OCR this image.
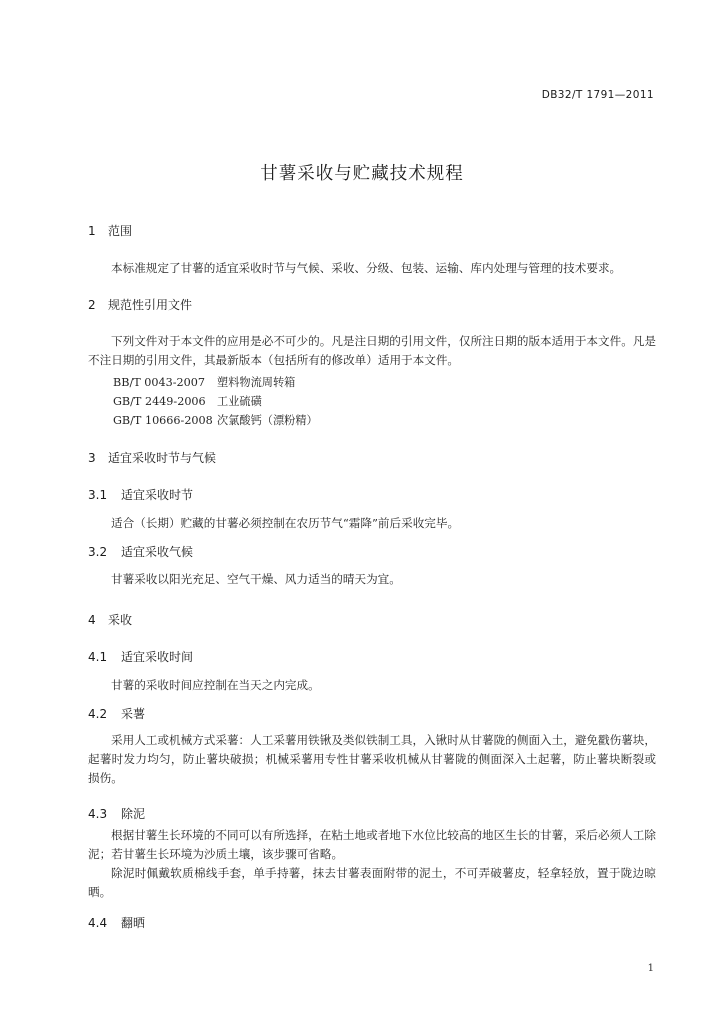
DB32/T 1791—2011
甘薯采收与贮藏技术规程
1 范围
本标准规定了甘薯的适宜采收时节与气候、采收、分级、包装、运输、库内处理与管理的技术要求。
2 规范性引用文件
下列文件对于本文件的应用是必不可少的。凡是注日期的引用文件，仅所注日期的版本适用于本文件。凡是不注日期的引用文件，其最新版本（包括所有的修改单）适用于本文件。
BB/T 0043-2007 塑料物流周转箱
GB/T 2449-2006 工业硫磺
GB/T 10666-2008 次氯酸钙（漂粉精）
3 适宜采收时节与气候
3.1 适宜采收时节
适合（长期）贮藏的甘薯必须控制在农历节气“霜降”前后采收完毕。
3.2 适宜采收气候
甘薯采收以阳光充足、空气干燥、风力适当的晴天为宜。
4 采收
4.1 适宜采收时间
甘薯的采收时间应控制在当天之内完成。
4.2 采薯
采用人工或机械方式采薯：人工采薯用铁锹及类似铁制工具，入锹时从甘薯陇的侧面入土，避免戳伤薯块，起薯时发力均匀，防止薯块破损；机械采薯用专性甘薯采收机械从甘薯陇的侧面深入土起薯，防止薯块断裂或损伤。
4.3 除泥
根据甘薯生长环境的不同可以有所选择，在粘土地或者地下水位比较高的地区生长的甘薯，采后必须人工除泥；若甘薯生长环境为沙质土壤，该步骤可省略。
除泥时佩戴软质棉线手套，单手持薯，抹去甘薯表面附带的泥土，不可弄破薯皮，轻拿轻放，置于陇边晾晒。
4.4 翻晒
1
